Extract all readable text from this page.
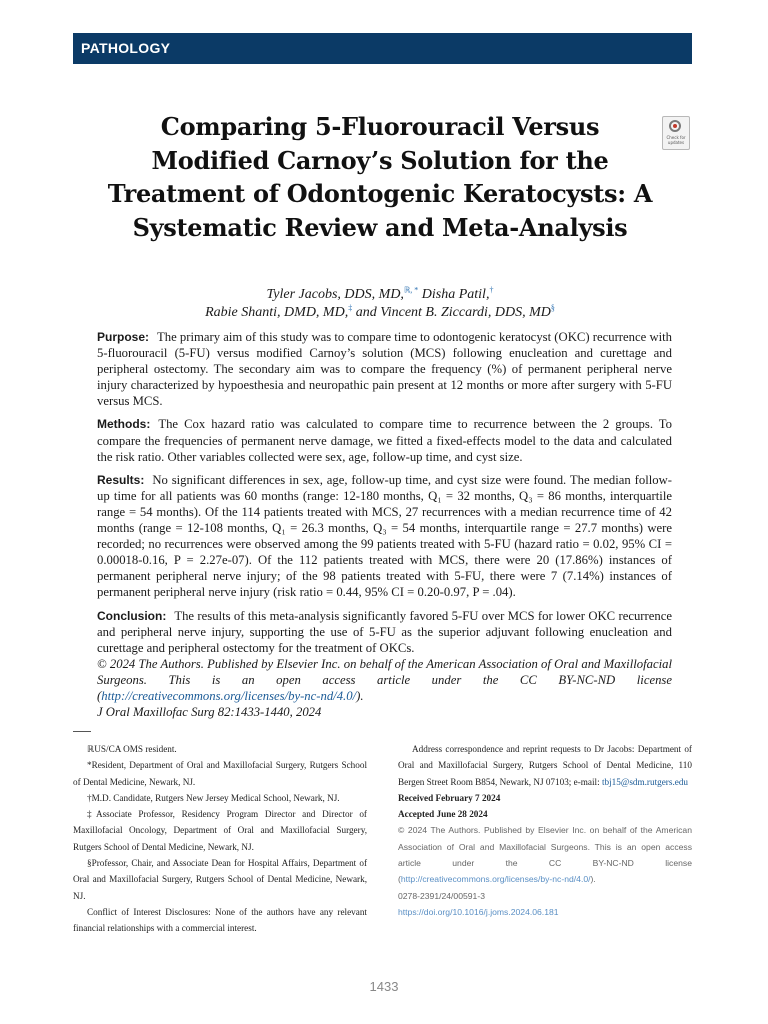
PATHOLOGY
Check for
updates
Comparing 5-Fluorouracil Versus Modified Carnoy’s Solution for the Treatment of Odontogenic Keratocysts: A Systematic Review and Meta-Analysis
Tyler Jacobs, DDS, MD,$^{ℝ, *}$ Disha Patil,†
Rabie Shanti, DMD, MD,‡ and Vincent B. Ziccardi, DDS, MD§

Purpose: The primary aim of this study was to compare time to odontogenic keratocyst (OKC) recurrence with 5-fluorouracil (5-FU) versus modified Carnoy’s solution (MCS) following enucleation and curettage and peripheral ostectomy. The secondary aim was to compare the frequency (%) of permanent peripheral nerve injury characterized by hypoesthesia and neuropathic pain present at 12 months or more after surgery with 5-FU versus MCS.

Methods: The Cox hazard ratio was calculated to compare time to recurrence between the 2 groups. To compare the frequencies of permanent nerve damage, we fitted a fixed-effects model to the data and calculated the risk ratio. Other variables collected were sex, age, follow-up time, and cyst size.

Results: No significant differences in sex, age, follow-up time, and cyst size were found. The median follow-up time for all patients was 60 months (range: 12-180 months, Q₁ = 32 months, Q₃ = 86 months, interquartile range = 54 months). Of the 114 patients treated with MCS, 27 recurrences with a median recurrence time of 42 months (range = 12-108 months, Q₁ = 26.3 months, Q₃ = 54 months, interquartile range = 27.7 months) were recorded; no recurrences were observed among the 99 patients treated with 5-FU (hazard ratio = 0.02, 95% CI = 0.00018-0.16, P = 2.27e-07). Of the 112 patients treated with MCS, there were 20 (17.86%) instances of permanent peripheral nerve injury; of the 98 patients treated with 5-FU, there were 7 (7.14%) instances of permanent peripheral nerve injury (risk ratio = 0.44, 95% CI = 0.20-0.97, P = .04).

Conclusion: The results of this meta-analysis significantly favored 5-FU over MCS for lower OKC recurrence and peripheral nerve injury, supporting the use of 5-FU as the superior adjuvant following enucleation and curettage and peripheral ostectomy for the treatment of OKCs.

© 2024 The Authors. Published by Elsevier Inc. on behalf of the American Association of Oral and Maxillofacial Surgeons. This is an open access article under the CC BY-NC-ND license (http://creativecommons.org/licenses/by-nc-nd/4.0/).

J Oral Maxillofac Surg 82:1433-1440, 2024

ℝUS/CA OMS resident.

*Resident, Department of Oral and Maxillofacial Surgery, Rutgers School of Dental Medicine, Newark, NJ.

†M.D. Candidate, Rutgers New Jersey Medical School, Newark, NJ.

‡Associate Professor, Residency Program Director and Director of Maxillofacial Oncology, Department of Oral and Maxillofacial Surgery, Rutgers School of Dental Medicine, Newark, NJ.

§Professor, Chair, and Associate Dean for Hospital Affairs, Department of Oral and Maxillofacial Surgery, Rutgers School of Dental Medicine, Newark, NJ.

Conflict of Interest Disclosures: None of the authors have any relevant financial relationships with a commercial interest.

Address correspondence and reprint requests to Dr Jacobs: Department of Oral and Maxillofacial Surgery, Rutgers School of Dental Medicine, 110 Bergen Street Room B854, Newark, NJ 07103; e-mail: tbj15@sdm.rutgers.edu

Received February 7 2024

Accepted June 28 2024

© 2024 The Authors. Published by Elsevier Inc. on behalf of the American Association of Oral and Maxillofacial Surgeons. This is an open access article under the CC BY-NC-ND license (http://creativecommons.org/licenses/by-nc-nd/4.0/).

0278-2391/24/00591-3

https://doi.org/10.1016/j.joms.2024.06.181

1433
